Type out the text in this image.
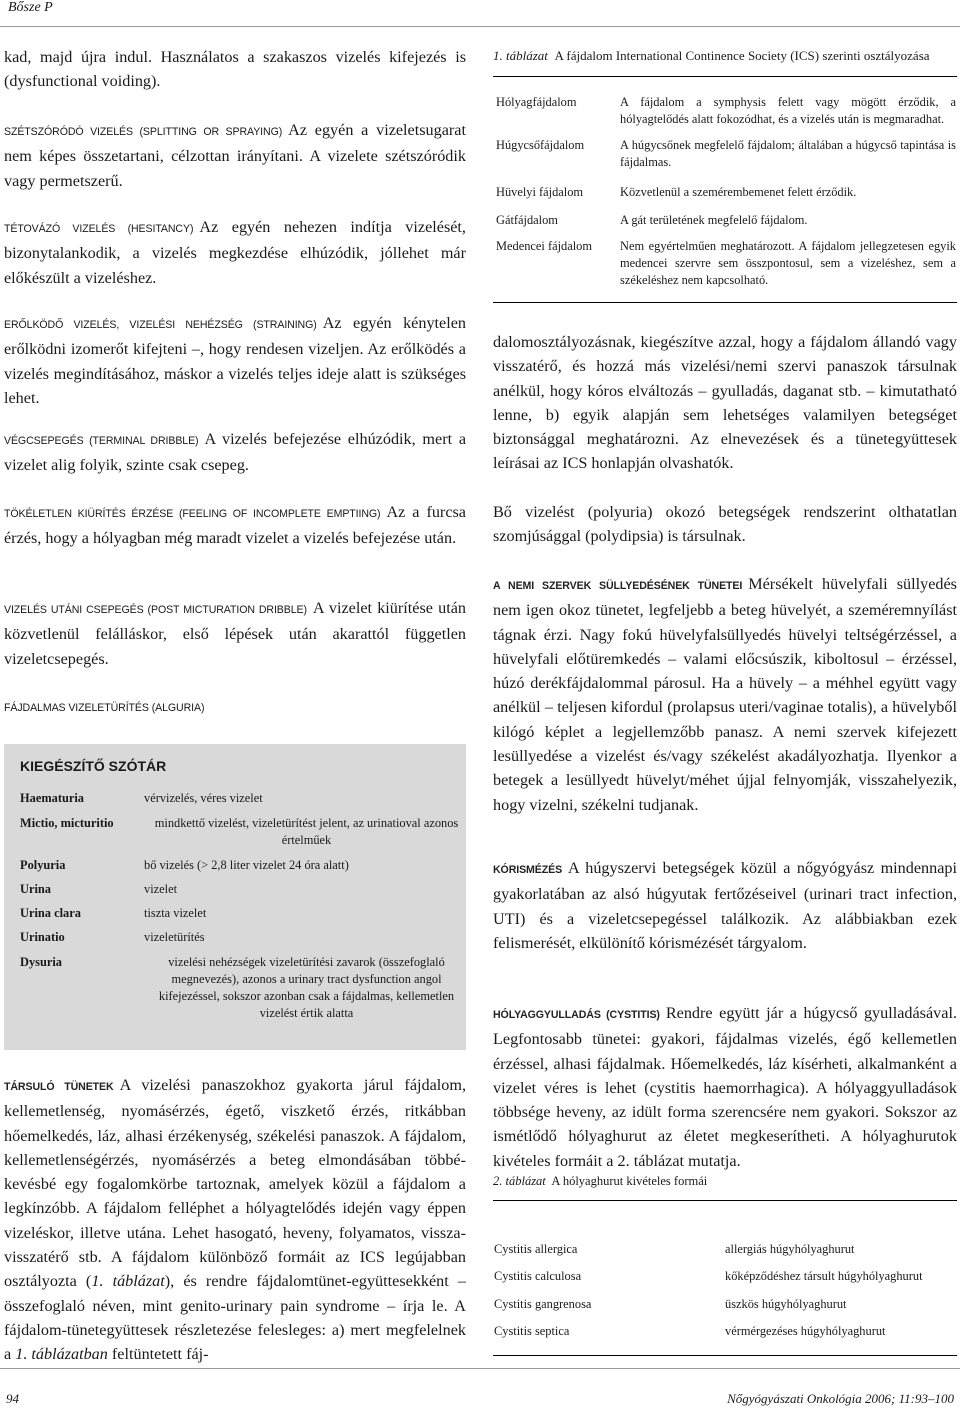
Bősze P

kad, majd újra indul. Használatos a szakaszos vizelés kifejezés is (dysfunctional voiding).

SZÉTSZÓRÓDÓ VIZELÉS (SPLITTING OR SPRAYING) Az egyén a vizeletsugarat nem képes összetartani, célzottan irányítani. A vizelete szétszóródik vagy permetszerű.

TÉTOVÁZÓ VIZELÉS (HESITANCY) Az egyén nehezen indítja vizelését, bizonytalankodik, a vizelés megkezdése elhúzódik, jóllehet már előkészült a vizeléshez.

ERŐLKÖDŐ VIZELÉS, VIZELÉSI NEHÉZSÉG (STRAINING) Az egyén kénytelen erőlködni izomerőt kifejteni –, hogy rendesen vizeljen. Az erőlködés a vizelés megindításához, máskor a vizelés teljes ideje alatt is szükséges lehet.

VÉGCSEPEGÉS (TERMINAL DRIBBLE) A vizelés befejezése elhúzódik, mert a vizelet alig folyik, szinte csak csepeg.

TÖKÉLETLEN KIÜRÍTÉS ÉRZÉSE (FEELING OF INCOMPLETE EMPTIING) Az a furcsa érzés, hogy a hólyagban még maradt vizelet a vizelés befejezése után.

VIZELÉS UTÁNI CSEPEGÉS (POST MICTURATION DRIBBLE) A vizelet kiürítése után közvetlenül felálláskor, első lépések után akarattól független vizeletcsepegés.

FÁJDALMAS VIZELETÜRÍTÉS (ALGURIA)

KIEGÉSZÍTŐ SZÓTÁR
Haematuria	vérvizelés, véres vizelet
Mictio, micturitio	mindkettő vizelést, vizeletürítést jelent, az urinatioval azonos értelműek
Polyuria	bő vizelés (> 2,8 liter vizelet 24 óra alatt)
Urina	vizelet
Urina clara	tiszta vizelet
Urinatio	vizeletürítés
Dysuria	vizelési nehézségek vizeletürítési zavarok (összefoglaló megnevezés), azonos a urinary tract dysfunction angol kifejezéssel, sokszor azonban csak a fájdalmas, kellemetlen vizelést értik alatta

TÁRSULÓ TÜNETEK A vizelési panaszokhoz gyakorta járul fájdalom, kellemetlenség, nyomásérzés, égető, viszkető érzés, ritkábban hőemelkedés, láz, alhasi érzékenység, székelési panaszok. A fájdalom, kellemetlenségérzés, nyomásérzés a beteg elmondásában többé-kevésbé egy fogalomkörbe tartoznak, amelyek közül a fájdalom a legkínzóbb. A fájdalom felléphet a hólyagtelődés idején vagy éppen vizeléskor, illetve utána. Lehet hasogató, heveny, folyamatos, vissza-visszatérő stb. A fájdalom különböző formáit az ICS legújabban osztályozta (1. táblázat), és rendre fájdalomtünet-együttesekként – összefoglaló néven, mint genito-urinary pain syndrome – írja le. A fájdalom-tünetegyüttesek részletezése felesleges: a) mert megfelelnek a 1. táblázatban feltüntetett fáj-

1. táblázat A fájdalom International Continence Society (ICS) szerinti osztályozása
Hólyagfájdalom	A fájdalom a symphysis felett vagy mögött érződik, a hólyagtelődés alatt fokozódhat, és a vizelés után is megmaradhat.
Húgycsőfájdalom	A húgycsőnek megfelelő fájdalom; általában a húgycső tapintása is fájdalmas.
Hüvelyi fájdalom	Közvetlenül a szemérembemenet felett érződik.
Gátfájdalom	A gát területének megfelelő fájdalom.
Medencei fájdalom	Nem egyértelműen meghatározott. A fájdalom jellegzetesen egyik medencei szervre sem összpontosul, sem a vizeléshez, sem a székeléshez nem kapcsolható.

dalomosztályozásnak, kiegészítve azzal, hogy a fájdalom állandó vagy visszatérő, és hozzá más vizelési/nemi szervi panaszok társulnak anélkül, hogy kóros elváltozás – gyulladás, daganat stb. – kimutatható lenne, b) egyik alapján sem lehetséges valamilyen betegséget biztonsággal meghatározni. Az elnevezések és a tünetegyüttesek leírásai az ICS honlapján olvashatók.

Bő vizelést (polyuria) okozó betegségek rendszerint olthatatlan szomjúsággal (polydipsia) is társulnak.

A NEMI SZERVEK SÜLLYEDÉSÉNEK TÜNETEI Mérsékelt hüvelyfali süllyedés nem igen okoz tünetet, legfeljebb a beteg hüvelyét, a szeméremnyílást tágnak érzi. Nagy fokú hüvelyfalsüllyedés hüvelyi teltségérzéssel, a hüvelyfali előtüremkedés – valami előcsúszik, kiboltosul – érzéssel, húzó derékfájdalommal párosul. Ha a hüvely – a méhhel együtt vagy anélkül – teljesen kifordul (prolapsus uteri/vaginae totalis), a hüvelyből kilógó képlet a legjellemzőbb panasz. A nemi szervek kifejezett lesüllyedése a vizelést és/vagy székelést akadályozhatja. Ilyenkor a betegek a lesüllyedt hüvelyt/méhet újjal felnyomják, visszahelyezik, hogy vizelni, székelni tudjanak.

KÓRISMÉZÉS A húgyszervi betegségek közül a nőgyógyász mindennapi gyakorlatában az alsó húgyutak fertőzéseivel (urinari tract infection, UTI) és a vizeletcsepegéssel találkozik. Az alábbiakban ezek felismerését, elkülönítő kórismézését tárgyalom.

HÓLYAGGYULLADÁS (CYSTITIS) Rendre együtt jár a húgycső gyulladásával. Legfontosabb tünetei: gyakori, fájdalmas vizelés, égő kellemetlen érzéssel, alhasi fájdalmak. Hőemelkedés, láz kísérheti, alkalmanként a vizelet véres is lehet (cystitis haemorrhagica). A hólyaggyulladások többsége heveny, az idült forma szerencsére nem gyakori. Sokszor az ismétlődő hólyaghurut az életet megkeserítheti. A hólyaghurutok kivételes formáit a 2. táblázat mutatja.

2. táblázat A hólyaghurut kivételes formái
Cystitis allergica	allergiás húgyhólyaghurut
Cystitis calculosa	kőképződéshez társult húgyhólyaghurut
Cystitis gangrenosa	üszkös húgyhólyaghurut
Cystitis septica	vérmérgezéses húgyhólyaghurut
94	Nőgyógyászati Onkológia 2006; 11:93–100
